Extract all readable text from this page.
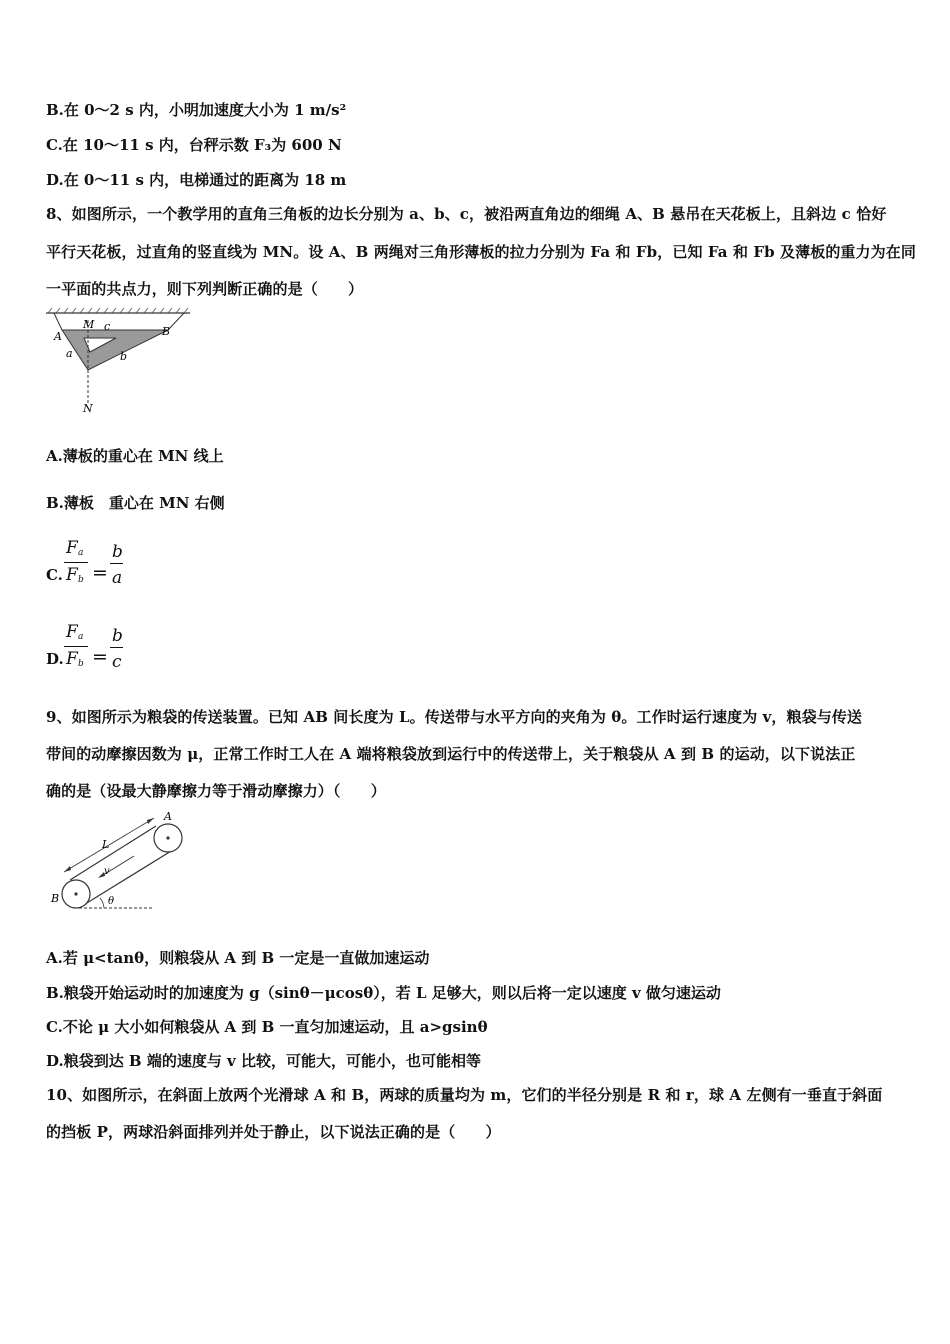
B.在 0～2 s 内，小明加速度大小为 1 m/s²
C.在 10～11 s 内，台秤示数 F₃为 600 N
D.在 0～11 s 内，电梯通过的距离为 18 m
8、如图所示，一个教学用的直角三角板的边长分别为 a、b、c，被沿两直角边的细绳 A、B 悬吊在天花板上，且斜边 c 恰好
平行天花板，过直角的竖直线为 MN。设 A、B 两绳对三角形薄板的拉力分别为 Fa 和 Fb，已知 Fa 和 Fb 及薄板的重力为在同
一平面的共点力，则下列判断正确的是（　　）
M c	B
A
a	b
N
A.薄板的重心在 MN 线上
B.薄板　重心在 MN 右侧
C.
F a
F b =
b
a
D.
F a
F b =
b
c
9、如图所示为粮袋的传送装置。已知 AB 间长度为 L。传送带与水平方向的夹角为 θ。工作时运行速度为 v，粮袋与传送
带间的动摩擦因数为 μ，正常工作时工人在 A 端将粮袋放到运行中的传送带上，关于粮袋从 A 到 B 的运动，以下说法正
确的是（设最大静摩擦力等于滑动摩擦力）（　　）
A
B
L
v
θ
A.若 μ<tanθ，则粮袋从 A 到 B 一定是一直做加速运动
B.粮袋开始运动时的加速度为 g（sinθ－μcosθ），若 L 足够大，则以后将一定以速度 v 做匀速运动
C.不论 μ 大小如何粮袋从 A 到 B 一直匀加速运动，且 a>gsinθ
D.粮袋到达 B 端的速度与 v 比较，可能大，可能小，也可能相等
10、如图所示，在斜面上放两个光滑球 A 和 B，两球的质量均为 m，它们的半径分别是 R 和 r，球 A 左侧有一垂直于斜面
的挡板 P，两球沿斜面排列并处于静止，以下说法正确的是（　　）
